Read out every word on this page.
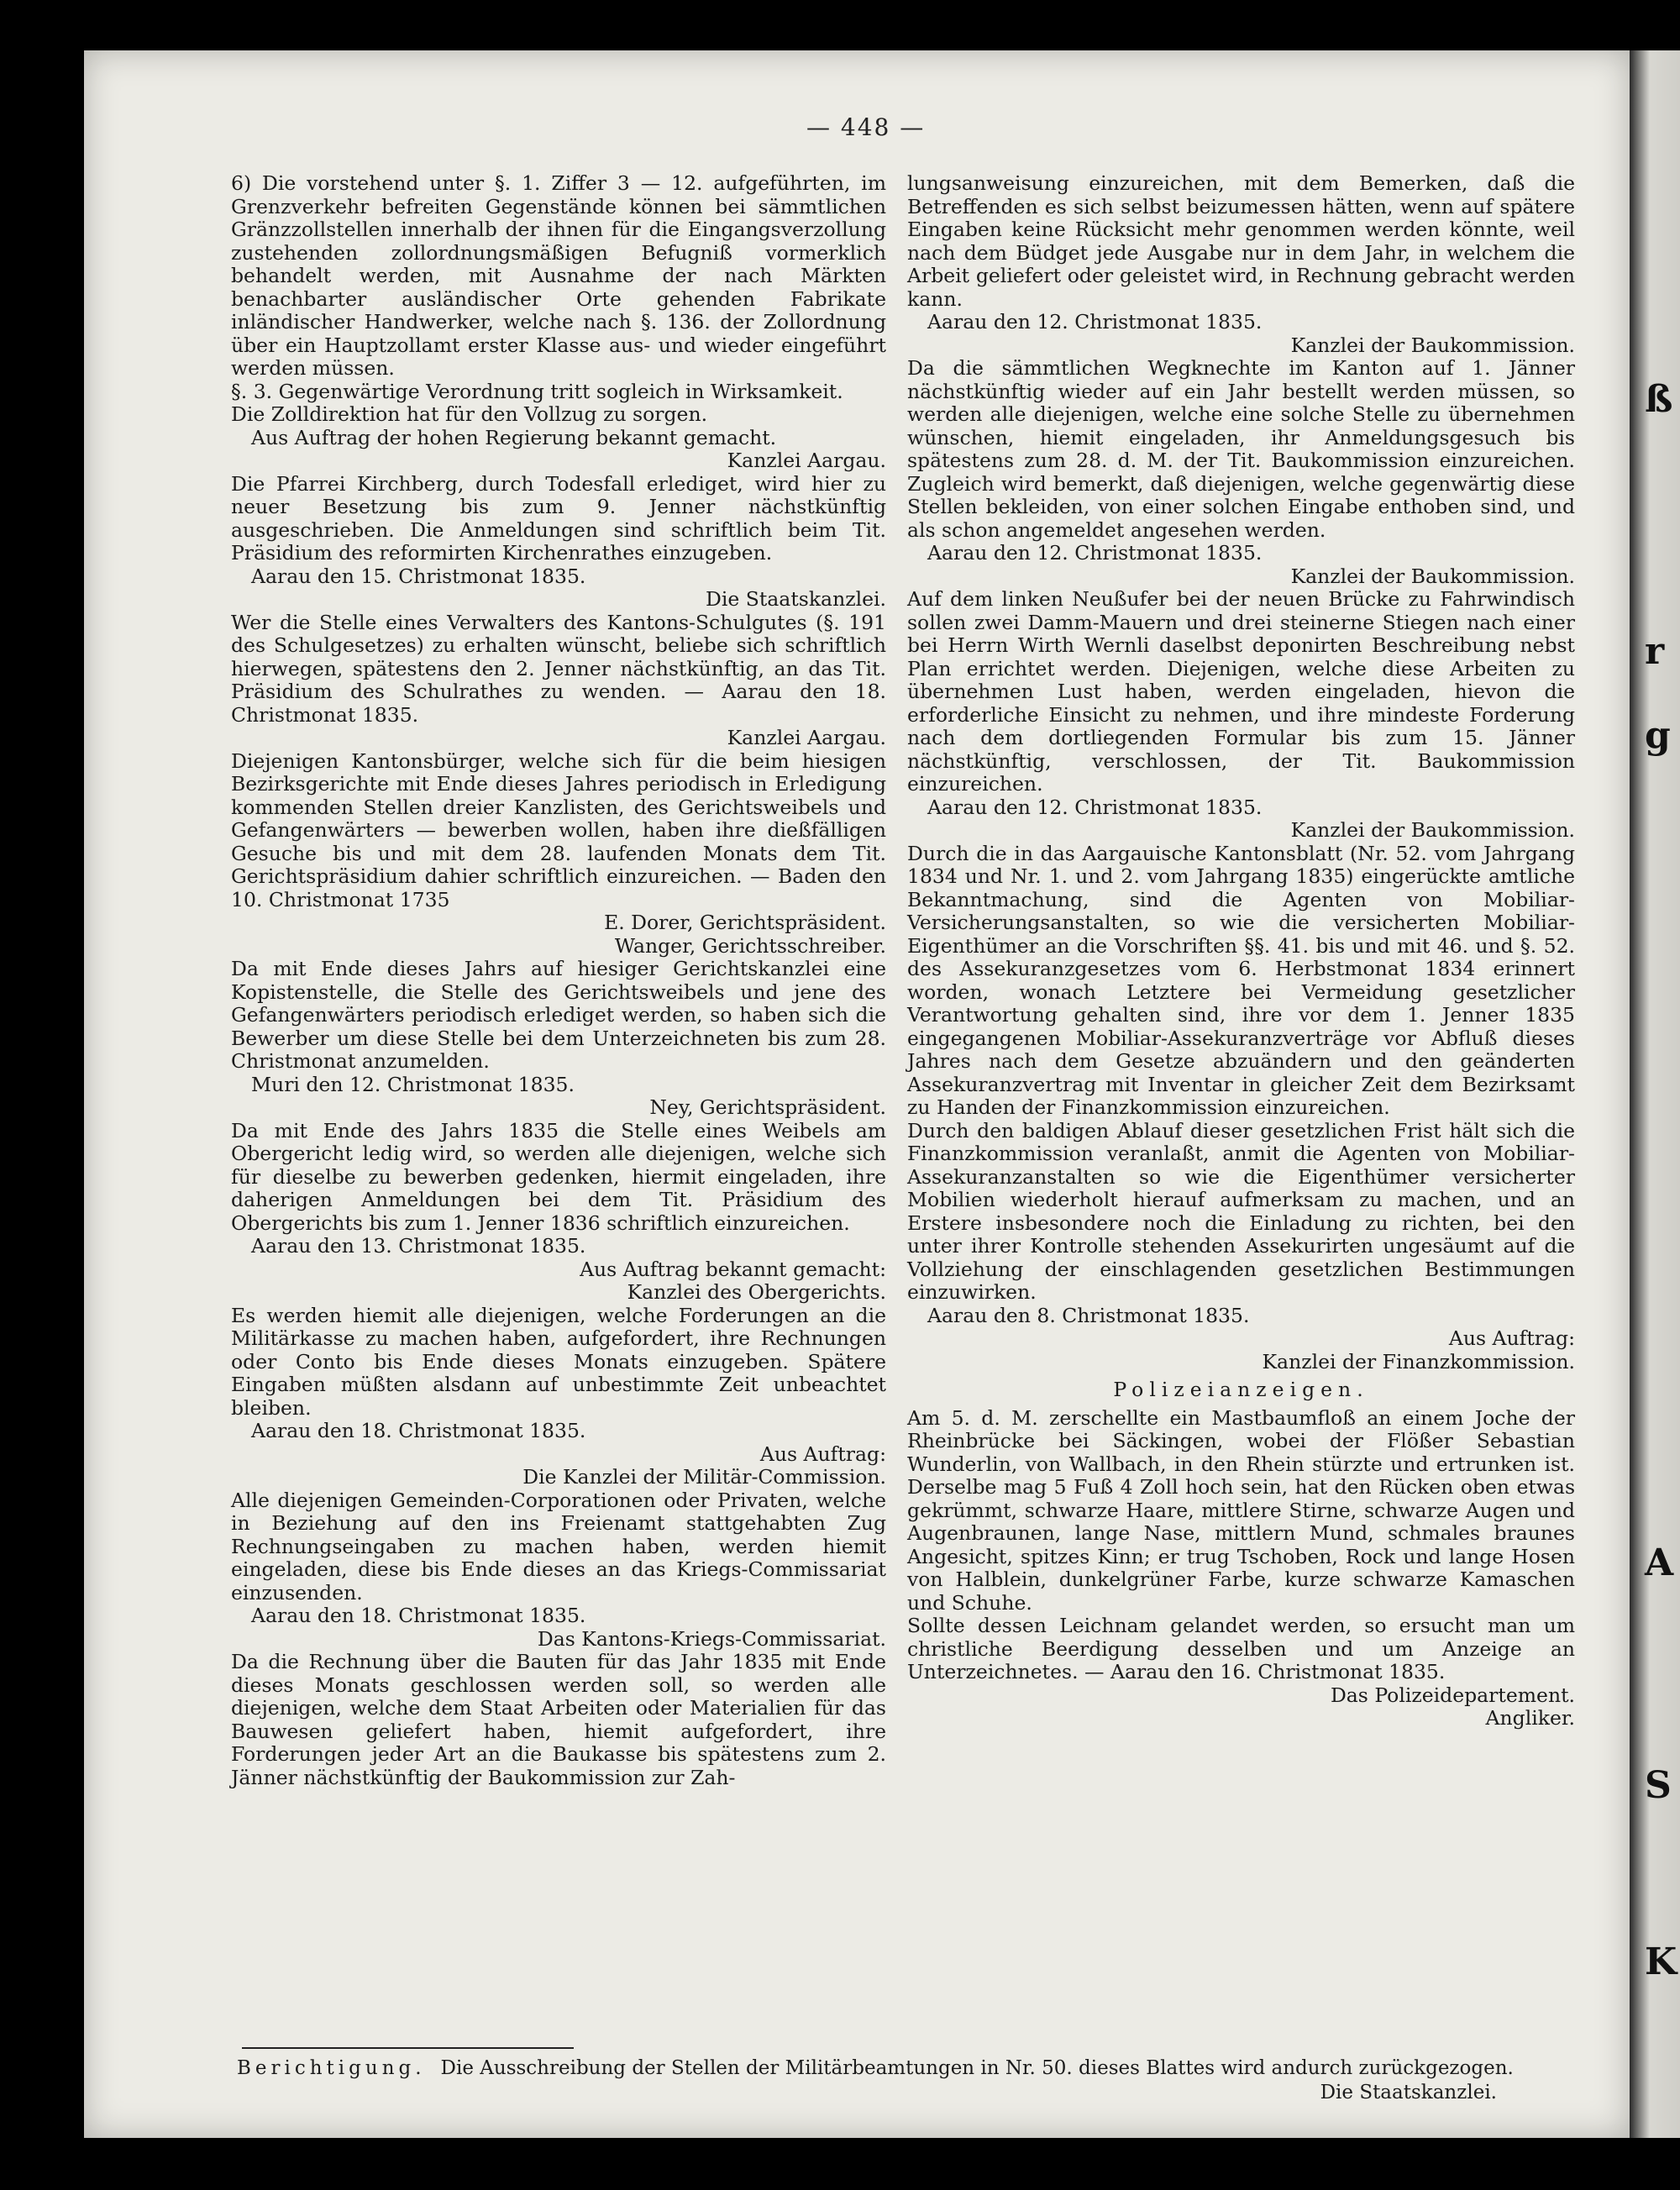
ß
r
g
A
S
K
— 448 —

6) Die vorstehend unter §. 1. Ziffer 3 — 12. aufgeführten, im Grenzverkehr befreiten Gegenstände können bei sämmtlichen Gränzzollstellen innerhalb der ihnen für die Eingangsverzollung zustehenden zollordnungsmäßigen Befugniß vormerklich behandelt werden, mit Ausnahme der nach Märkten benachbarter ausländischer Orte gehenden Fabrikate inländischer Handwerker, welche nach §. 136. der Zollordnung über ein Hauptzollamt erster Klasse aus- und wieder eingeführt werden müssen.

§. 3. Gegenwärtige Verordnung tritt sogleich in Wirksamkeit.

Die Zolldirektion hat für den Vollzug zu sorgen.

Aus Auftrag der hohen Regierung bekannt gemacht.

Kanzlei Aargau.

Die Pfarrei Kirchberg, durch Todesfall erlediget, wird hier zu neuer Besetzung bis zum 9. Jenner nächstkünftig ausgeschrieben. Die Anmeldungen sind schriftlich beim Tit. Präsidium des reformirten Kirchenrathes einzugeben.

Aarau den 15. Christmonat 1835.

Die Staatskanzlei.

Wer die Stelle eines Verwalters des Kantons-Schulgutes (§. 191 des Schulgesetzes) zu erhalten wünscht, beliebe sich schriftlich hierwegen, spätestens den 2. Jenner nächstkünftig, an das Tit. Präsidium des Schulrathes zu wenden. — Aarau den 18. Christmonat 1835.

Kanzlei Aargau.

Diejenigen Kantonsbürger, welche sich für die beim hiesigen Bezirksgerichte mit Ende dieses Jahres periodisch in Erledigung kommenden Stellen dreier Kanzlisten, des Gerichtsweibels und Gefangenwärters — bewerben wollen, haben ihre dießfälligen Gesuche bis und mit dem 28. laufenden Monats dem Tit. Gerichtspräsidium dahier schriftlich einzureichen. — Baden den 10. Christmonat 1735

E. Dorer, Gerichtspräsident.

Wanger, Gerichtsschreiber.

Da mit Ende dieses Jahrs auf hiesiger Gerichtskanzlei eine Kopistenstelle, die Stelle des Gerichtsweibels und jene des Gefangenwärters periodisch erlediget werden, so haben sich die Bewerber um diese Stelle bei dem Unterzeichneten bis zum 28. Christmonat anzumelden.

Muri den 12. Christmonat 1835.

Ney, Gerichtspräsident.

Da mit Ende des Jahrs 1835 die Stelle eines Weibels am Obergericht ledig wird, so werden alle diejenigen, welche sich für dieselbe zu bewerben gedenken, hiermit eingeladen, ihre daherigen Anmeldungen bei dem Tit. Präsidium des Obergerichts bis zum 1. Jenner 1836 schriftlich einzureichen.

Aarau den 13. Christmonat 1835.

Aus Auftrag bekannt gemacht:

Kanzlei des Obergerichts.

Es werden hiemit alle diejenigen, welche Forderungen an die Militärkasse zu machen haben, aufgefordert, ihre Rechnungen oder Conto bis Ende dieses Monats einzugeben. Spätere Eingaben müßten alsdann auf unbestimmte Zeit unbeachtet bleiben.

Aarau den 18. Christmonat 1835.

Aus Auftrag:

Die Kanzlei der Militär-Commission.

Alle diejenigen Gemeinden-Corporationen oder Privaten, welche in Beziehung auf den ins Freienamt stattgehabten Zug Rechnungseingaben zu machen haben, werden hiemit eingeladen, diese bis Ende dieses an das Kriegs-Commissariat einzusenden.

Aarau den 18. Christmonat 1835.

Das Kantons-Kriegs-Commissariat.

Da die Rechnung über die Bauten für das Jahr 1835 mit Ende dieses Monats geschlossen werden soll, so werden alle diejenigen, welche dem Staat Arbeiten oder Materialien für das Bauwesen geliefert haben, hiemit aufgefordert, ihre Forderungen jeder Art an die Baukasse bis spätestens zum 2. Jänner nächstkünftig der Baukommission zur Zah-

lungsanweisung einzureichen, mit dem Bemerken, daß die Betreffenden es sich selbst beizumessen hätten, wenn auf spätere Eingaben keine Rücksicht mehr genommen werden könnte, weil nach dem Büdget jede Ausgabe nur in dem Jahr, in welchem die Arbeit geliefert oder geleistet wird, in Rechnung gebracht werden kann.

Aarau den 12. Christmonat 1835.

Kanzlei der Baukommission.

Da die sämmtlichen Wegknechte im Kanton auf 1. Jänner nächstkünftig wieder auf ein Jahr bestellt werden müssen, so werden alle diejenigen, welche eine solche Stelle zu übernehmen wünschen, hiemit eingeladen, ihr Anmeldungsgesuch bis spätestens zum 28. d. M. der Tit. Baukommission einzureichen. Zugleich wird bemerkt, daß diejenigen, welche gegenwärtig diese Stellen bekleiden, von einer solchen Eingabe enthoben sind, und als schon angemeldet angesehen werden.

Aarau den 12. Christmonat 1835.

Kanzlei der Baukommission.

Auf dem linken Neußufer bei der neuen Brücke zu Fahrwindisch sollen zwei Damm-Mauern und drei steinerne Stiegen nach einer bei Herrn Wirth Wernli daselbst deponirten Beschreibung nebst Plan errichtet werden. Diejenigen, welche diese Arbeiten zu übernehmen Lust haben, werden eingeladen, hievon die erforderliche Einsicht zu nehmen, und ihre mindeste Forderung nach dem dortliegenden Formular bis zum 15. Jänner nächstkünftig, verschlossen, der Tit. Baukommission einzureichen.

Aarau den 12. Christmonat 1835.

Kanzlei der Baukommission.

Durch die in das Aargauische Kantonsblatt (Nr. 52. vom Jahrgang 1834 und Nr. 1. und 2. vom Jahrgang 1835) eingerückte amtliche Bekanntmachung, sind die Agenten von Mobiliar-Versicherungsanstalten, so wie die versicherten Mobiliar-Eigenthümer an die Vorschriften §§. 41. bis und mit 46. und §. 52. des Assekuranzgesetzes vom 6. Herbstmonat 1834 erinnert worden, wonach Letztere bei Vermeidung gesetzlicher Verantwortung gehalten sind, ihre vor dem 1. Jenner 1835 eingegangenen Mobiliar-Assekuranzverträge vor Abfluß dieses Jahres nach dem Gesetze abzuändern und den geänderten Assekuranzvertrag mit Inventar in gleicher Zeit dem Bezirksamt zu Handen der Finanzkommission einzureichen.

Durch den baldigen Ablauf dieser gesetzlichen Frist hält sich die Finanzkommission veranlaßt, anmit die Agenten von Mobiliar-Assekuranzanstalten so wie die Eigenthümer versicherter Mobilien wiederholt hierauf aufmerksam zu machen, und an Erstere insbesondere noch die Einladung zu richten, bei den unter ihrer Kontrolle stehenden Assekurirten ungesäumt auf die Vollziehung der einschlagenden gesetzlichen Bestimmungen einzuwirken.

Aarau den 8. Christmonat 1835.

Aus Auftrag:

Kanzlei der Finanzkommission.

Polizeianzeigen.

Am 5. d. M. zerschellte ein Mastbaumfloß an einem Joche der Rheinbrücke bei Säckingen, wobei der Flößer Sebastian Wunderlin, von Wallbach, in den Rhein stürzte und ertrunken ist. Derselbe mag 5 Fuß 4 Zoll hoch sein, hat den Rücken oben etwas gekrümmt, schwarze Haare, mittlere Stirne, schwarze Augen und Augenbraunen, lange Nase, mittlern Mund, schmales braunes Angesicht, spitzes Kinn; er trug Tschoben, Rock und lange Hosen von Halblein, dunkelgrüner Farbe, kurze schwarze Kamaschen und Schuhe.

Sollte dessen Leichnam gelandet werden, so ersucht man um christliche Beerdigung desselben und um Anzeige an Unterzeichnetes. — Aarau den 16. Christmonat 1835.

Das Polizeidepartement.

Angliker.

Berichtigung. Die Ausschreibung der Stellen der Militärbeamtungen in Nr. 50. dieses Blattes wird andurch zurückgezogen.

Die Staatskanzlei.
